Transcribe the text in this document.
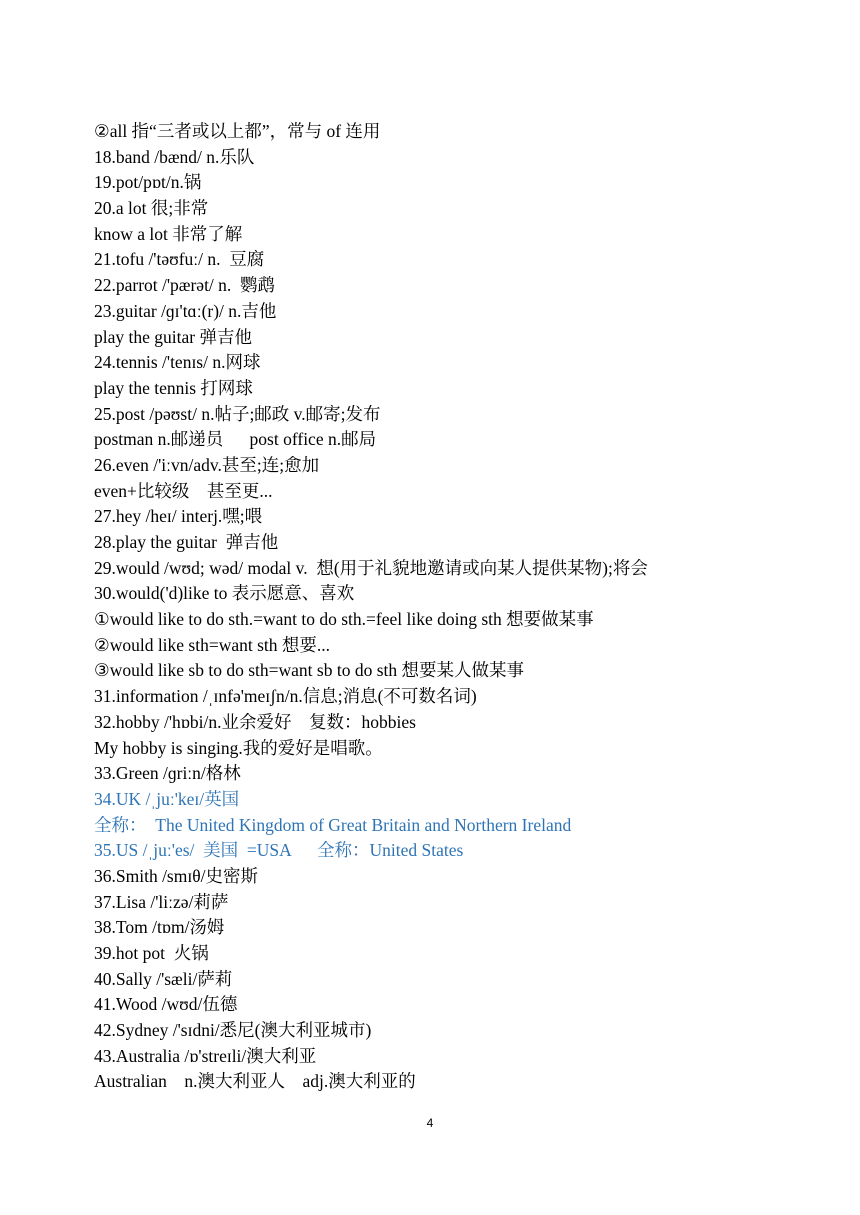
②all 指“三者或以上都”，常与 of 连用
18.band /bænd/ n.乐队
19.pot/pɒt/n.锅
20.a lot 很;非常
know a lot 非常了解
21.tofu /'təʊfuː/ n.  豆腐
22.parrot /'pærət/ n.  鹦鹉
23.guitar /ɡɪ'tɑː(r)/ n.吉他
play the guitar 弹吉他
24.tennis /'tenɪs/ n.网球
play the tennis 打网球
25.post /pəʊst/ n.帖子;邮政 v.邮寄;发布
postman n.邮递员      post office n.邮局
26.even /'iːvn/adv.甚至;连;愈加
even+比较级    甚至更...
27.hey /heɪ/ interj.嘿;喂
28.play the guitar  弹吉他
29.would /wʊd; wəd/ modal v.  想(用于礼貌地邀请或向某人提供某物);将会
30.would('d)like to 表示愿意、喜欢
①would like to do sth.=want to do sth.=feel like doing sth 想要做某事
②would like sth=want sth 想要...
③would like sb to do sth=want sb to do sth 想要某人做某事
31.information /ˌɪnfə'meɪʃn/n.信息;消息(不可数名词)
32.hobby /'hɒbi/n.业余爱好    复数：hobbies
My hobby is singing.我的爱好是唱歌。
33.Green /ɡriːn/格林
34.UK /ˌjuː'keɪ/英国
全称：  The United Kingdom of Great Britain and Northern Ireland
35.US /ˌjuː'es/  美国  =USA      全称：United States
36.Smith /smɪθ/史密斯
37.Lisa /'liːzə/莉萨
38.Tom /tɒm/汤姆
39.hot pot  火锅
40.Sally /'sæli/萨莉
41.Wood /wʊd/伍德
42.Sydney /'sɪdni/悉尼(澳大利亚城市)
43.Australia /ɒ'streɪli/澳大利亚
Australian    n.澳大利亚人    adj.澳大利亚的
4
